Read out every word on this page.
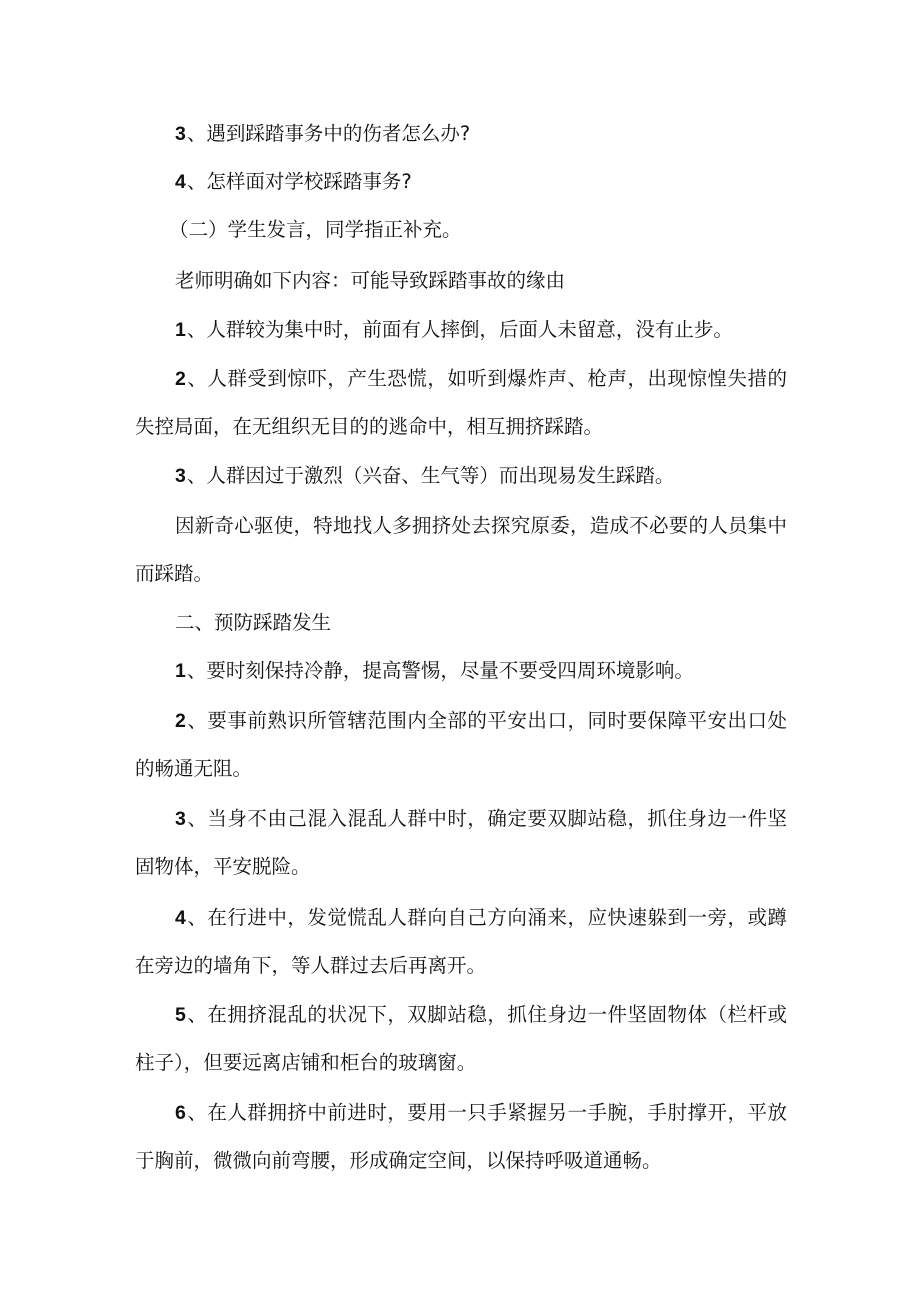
3、遇到踩踏事务中的伤者怎么办?

4、怎样面对学校踩踏事务?

（二）学生发言，同学指正补充。

老师明确如下内容：可能导致踩踏事故的缘由

1、人群较为集中时，前面有人摔倒，后面人未留意，没有止步。

2、人群受到惊吓，产生恐慌，如听到爆炸声、枪声，出现惊惶失措的失控局面，在无组织无目的的逃命中，相互拥挤踩踏。

3、人群因过于激烈（兴奋、生气等）而出现易发生踩踏。

因新奇心驱使，特地找人多拥挤处去探究原委，造成不必要的人员集中而踩踏。

二、预防踩踏发生

1、要时刻保持冷静，提高警惕，尽量不要受四周环境影响。

2、要事前熟识所管辖范围内全部的平安出口，同时要保障平安出口处的畅通无阻。

3、当身不由己混入混乱人群中时，确定要双脚站稳，抓住身边一件坚固物体，平安脱险。

4、在行进中，发觉慌乱人群向自己方向涌来，应快速躲到一旁，或蹲在旁边的墙角下，等人群过去后再离开。

5、在拥挤混乱的状况下，双脚站稳，抓住身边一件坚固物体（栏杆或柱子），但要远离店铺和柜台的玻璃窗。

6、在人群拥挤中前进时，要用一只手紧握另一手腕，手肘撑开，平放于胸前，微微向前弯腰，形成确定空间，以保持呼吸道通畅。
